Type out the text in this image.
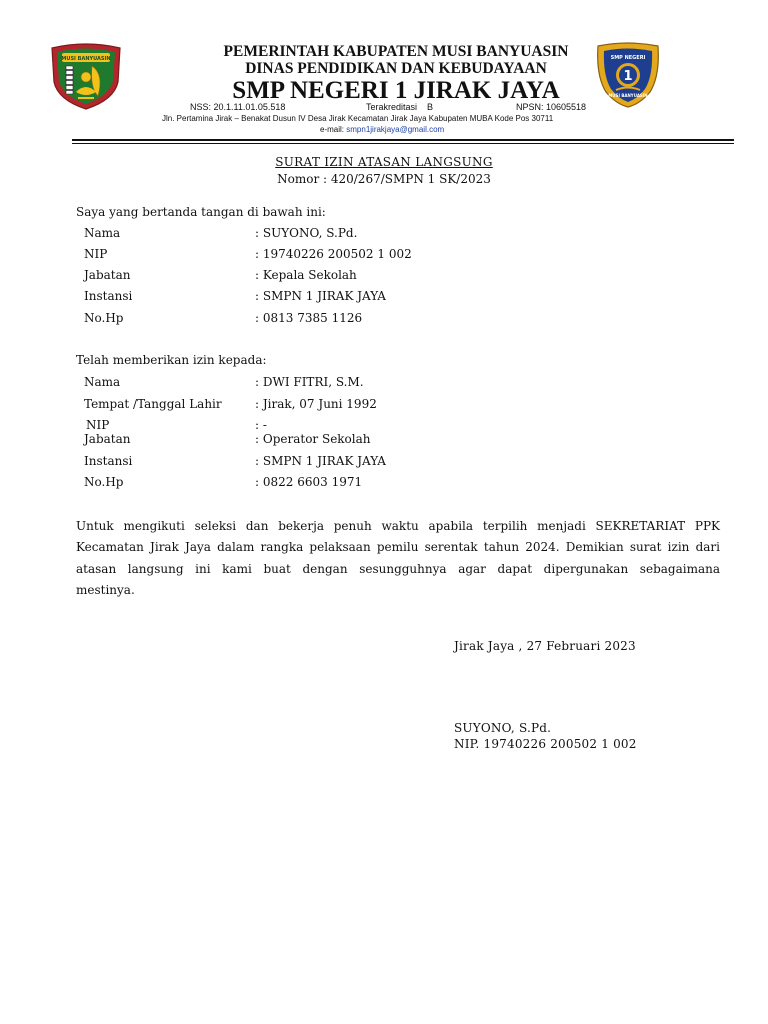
MUSI BANYUASIN	PEMERINTAH KABUPATEN MUSI BANYUASIN
DINAS PENDIDIKAN DAN KEBUDAYAAN
SMP NEGERI 1 JIRAK JAYA
SMP NEGERI
1
MUSI BANYUASIN
NSS: 20.1.11.01.05.518	Terakreditasi    B	NPSN: 10605518
Jln. Pertamina Jirak – Benakat Dusun IV Desa Jirak Kecamatan Jirak Jaya Kabupaten MUBA Kode Pos 30711
e-mail: smpn1jirakjaya@gmail.com
SURAT IZIN ATASAN LANGSUNG
Nomor : 420/267/SMPN 1 SK/2023
Saya yang bertanda tangan di bawah ini:
Nama	: SUYONO, S.Pd.
NIP	: 19740226 200502 1 002
Jabatan	: Kepala Sekolah
Instansi	: SMPN 1 JIRAK JAYA
No.Hp	: 0813 7385 1126
Telah memberikan izin kepada:
Nama	: DWI FITRI, S.M.
Tempat /Tanggal Lahir	: Jirak, 07 Juni 1992
NIP	: -
Jabatan	: Operator Sekolah
Instansi	: SMPN 1 JIRAK JAYA
No.Hp	: 0822 6603 1971
Untuk mengikuti seleksi dan bekerja penuh waktu apabila terpilih menjadi SEKRETARIAT PPK
Kecamatan Jirak Jaya dalam rangka pelaksaan pemilu serentak tahun 2024. Demikian surat izin dari
atasan langsung ini kami buat dengan sesungguhnya agar dapat dipergunakan sebagaimana
mestinya.
Jirak Jaya , 27 Februari 2023
SUYONO, S.Pd.
NIP. 19740226 200502 1 002
